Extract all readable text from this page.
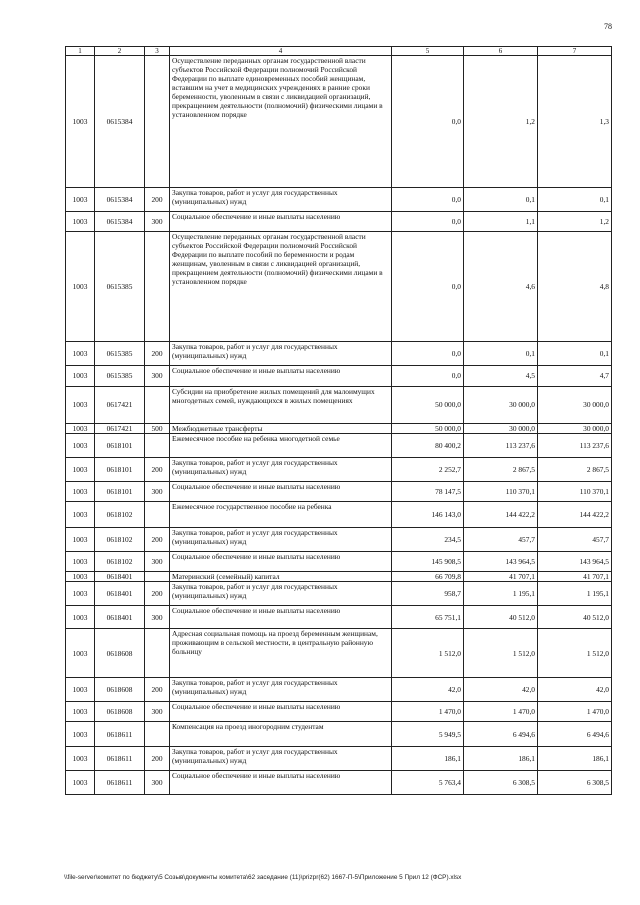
78
1	2	3	4	5	6	7
1003	0615384		Осуществление переданных органам государственной власти субъектов Российской Федерации полномочий Российской Федерации по выплате единовременных пособий женщинам, вставшим на учет в медицинских учреждениях в ранние сроки беременности, уволенным в связи с ликвидацией организаций, прекращением деятельности (полномочий) физическими лицами в установленном порядке	0,0	1,2	1,3
1003	0615384	200	Закупка товаров, работ и услуг для государственных (муниципальных) нужд	0,0	0,1	0,1
1003	0615384	300	Социальное обеспечение и иные выплаты населению	0,0	1,1	1,2
1003	0615385		Осуществление переданных органам государственной власти субъектов Российской Федерации полномочий Российской Федерации по выплате пособий по беременности и родам женщинам, уволенным в связи с ликвидацией организаций, прекращением деятельности (полномочий) физическими лицами в установленном порядке	0,0	4,6	4,8
1003	0615385	200	Закупка товаров, работ и услуг для государственных (муниципальных) нужд	0,0	0,1	0,1
1003	0615385	300	Социальное обеспечение и иные выплаты населению	0,0	4,5	4,7
1003	0617421		Субсидии на приобретение жилых помещений для малоимущих многодетных семей, нуждающихся в жилых помещениях	50 000,0	30 000,0	30 000,0
1003	0617421	500	Межбюджетные трансферты	50 000,0	30 000,0	30 000,0
1003	0618101		Ежемесячное пособие на ребенка многодетной семье	80 400,2	113 237,6	113 237,6
1003	0618101	200	Закупка товаров, работ и услуг для государственных (муниципальных) нужд	2 252,7	2 867,5	2 867,5
1003	0618101	300	Социальное обеспечение и иные выплаты населению	78 147,5	110 370,1	110 370,1
1003	0618102		Ежемесячное государственное пособие на ребенка	146 143,0	144 422,2	144 422,2
1003	0618102	200	Закупка товаров, работ и услуг для государственных (муниципальных) нужд	234,5	457,7	457,7
1003	0618102	300	Социальное обеспечение и иные выплаты населению	145 908,5	143 964,5	143 964,5
1003	0618401		Материнский (семейный) капитал	66 709,8	41 707,1	41 707,1
1003	0618401	200	Закупка товаров, работ и услуг для государственных (муниципальных) нужд	958,7	1 195,1	1 195,1
1003	0618401	300	Социальное обеспечение и иные выплаты населению	65 751,1	40 512,0	40 512,0
1003	0618608		Адресная социальная помощь на проезд беременным женщинам, проживающим в сельской местности, в центральную районную больницу	1 512,0	1 512,0	1 512,0
1003	0618608	200	Закупка товаров, работ и услуг для государственных (муниципальных) нужд	42,0	42,0	42,0
1003	0618608	300	Социальное обеспечение и иные выплаты населению	1 470,0	1 470,0	1 470,0
1003	0618611		Компенсация на проезд иногородним студентам	5 949,5	6 494,6	6 494,6
1003	0618611	200	Закупка товаров, работ и услуг для государственных (муниципальных) нужд	186,1	186,1	186,1
1003	0618611	300	Социальное обеспечение и иные выплаты населению	5 763,4	6 308,5	6 308,5
\\file-server\комитет по бюджету\5 Созыв\документы комитета\62 заседание (11)\prizpr(62) 1667-П-5\Приложение 5 Прил 12 (ФСР).xlsx
